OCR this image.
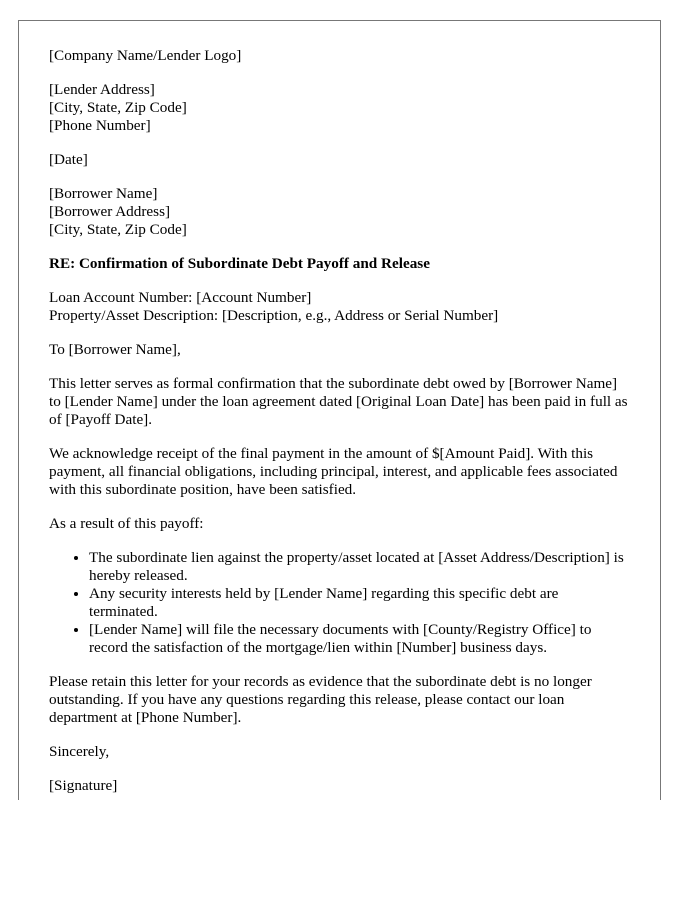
[Company Name/Lender Logo]

[Lender Address]
[City, State, Zip Code]
[Phone Number]

[Date]

[Borrower Name]
[Borrower Address]
[City, State, Zip Code]

RE: Confirmation of Subordinate Debt Payoff and Release

Loan Account Number: [Account Number]
Property/Asset Description: [Description, e.g., Address or Serial Number]

To [Borrower Name],

This letter serves as formal confirmation that the subordinate debt owed by [Borrower Name] to [Lender Name] under the loan agreement dated [Original Loan Date] has been paid in full as of [Payoff Date].

We acknowledge receipt of the final payment in the amount of $[Amount Paid]. With this payment, all financial obligations, including principal, interest, and applicable fees associated with this subordinate position, have been satisfied.

As a result of this payoff:

• The subordinate lien against the property/asset located at [Asset Address/Description] is hereby released.
• Any security interests held by [Lender Name] regarding this specific debt are terminated.
• [Lender Name] will file the necessary documents with [County/Registry Office] to record the satisfaction of the mortgage/lien within [Number] business days.

Please retain this letter for your records as evidence that the subordinate debt is no longer outstanding. If you have any questions regarding this release, please contact our loan department at [Phone Number].

Sincerely,

[Signature]
